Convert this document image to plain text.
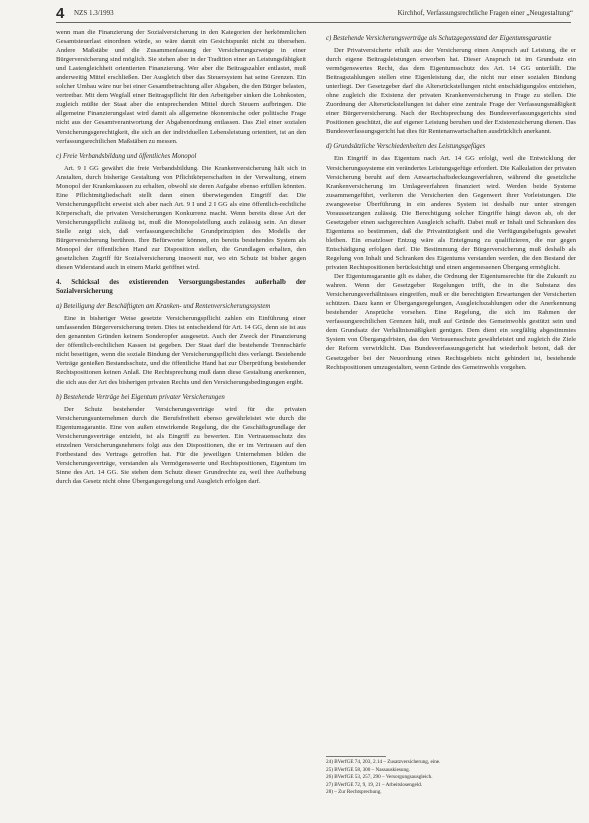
4 NZS 1.3/1993	Kirchhof, Verfassungsrechtliche Fragen einer „Neugestaltung“

wenn man die Finanzierung der Sozialversicherung in den Kategorien der herkömmlichen Gesamtsteuerlast einordnen würde, so wäre damit ein Gesichtspunkt nicht zu übersehen. Andere Maßstäbe und die Zusammenfassung der Versicherungszweige in einer Bürgerversicherung sind möglich. Sie stehen aber in der Tradition einer an Leistungsfähigkeit und Lastengleichheit orientierten Finanzierung. Wer aber die Beitragszahler entlastet, muß anderweitig Mittel erschließen. Der Ausgleich über das Steuersystem hat seine Grenzen. Ein solcher Umbau wäre nur bei einer Gesamtbetrachtung aller Abgaben, die den Bürger belasten, vertretbar. Mit dem Wegfall einer Beitragspflicht für den Arbeitgeber sinken die Lohnkosten, zugleich müßte der Staat aber die entsprechenden Mittel durch Steuern aufbringen. Die allgemeine Finanzierungslast wird damit als allgemeine ökonomische oder politische Frage nicht aus der Gesamtverantwortung der Abgabenordnung entlassen. Das Ziel einer sozialen Versicherungsgerechtigkeit, die sich an der individuellen Lebensleistung orientiert, ist an den verfassungsrechtlichen Maßstäben zu messen.

c) Freie Verbandsbildung und öffentliches Monopol

Art. 9 I GG gewährt die freie Verbandsbildung. Die Krankenversicherung hält sich in Anstalten, durch bisherige Gestaltung von Pflichtkörperschaften in der Verwaltung, einem Monopol der Krankenkassen zu erhalten, obwohl sie deren Aufgabe ebenso erfüllen könnten. Eine Pflichtmitgliedschaft stellt dann einen überwiegenden Eingriff dar. Die Versicherungspflicht erweist sich aber nach Art. 9 I und 2 I GG als eine öffentlich-rechtliche Körperschaft, die privaten Versicherungen Konkurrenz macht. Wenn bereits diese Art der Versicherungspflicht zulässig ist, muß die Monopolstellung auch zulässig sein. An dieser Stelle zeigt sich, daß verfassungsrechtliche Grundprinzipien des Modells der Bürgerversicherung berühren. Ihre Befürworter können, ein bereits bestehendes System als Monopol der öffentlichen Hand zur Disposition stellen, die Grundlagen erhalten, den gesetzlichen Zugriff für Sozialversicherung insoweit nur, wo ein Schutz ist bisher gegen diesen Widerstand auch in einem Markt geöffnet wird.

4. Schicksal des existierenden Versorgungsbestandes außerhalb der Sozialversicherung
a) Beteiligung der Beschäftigten am Kranken- und Rentenversicherungssystem

Eine in bisheriger Weise gesetzte Versicherungspflicht zahlen ein Einführung einer umfassenden Bürgerversicherung treten. Dies ist entscheidend für Art. 14 GG, denn sie ist aus den genannten Gründen keinem Sonderopfer ausgesetzt. Auch der Zweck der Finanzierung der öffentlich-rechtlichen Kassen ist gegeben. Der Staat darf die bestehende Trennschärfe nicht beseitigen, wenn die soziale Bindung der Versicherungspflicht dies verlangt. Bestehende Verträge genießen Bestandsschutz, und die öffentliche Hand hat zur Überprüfung bestehender Rechtspositionen keinen Anlaß. Die Rechtsprechung muß dann diese Gestaltung anerkennen, die sich aus der Art des bisherigen privaten Rechts und den Versicherungsbedingungen ergibt.

b) Bestehende Verträge bei Eigentum privater Versicherungen

Der Schutz bestehender Versicherungsverträge wird für die privaten Versicherungsunternehmen durch die Berufsfreiheit ebenso gewährleistet wie durch die Eigentumsgarantie. Eine von außen einwirkende Regelung, die die Geschäftsgrundlage der Versicherungsverträge entzieht, ist als Eingriff zu bewerten. Ein Vertrauensschutz des einzelnen Versicherungsnehmers folgt aus den Dispositionen, die er im Vertrauen auf den Fortbestand des Vertrags getroffen hat. Für die jeweiligen Unternehmen bilden die Versicherungsverträge, verstanden als Vermögenswerte und Rechtspositionen, Eigentum im Sinne des Art. 14 GG. Sie stehen dem Schutz dieser Grundrechte zu, weil ihre Aufhebung durch das Gesetz nicht ohne Übergangsregelung und Ausgleich erfolgen darf.

c) Bestehende Versicherungsverträge als Schutzgegenstand der Eigentumsgarantie

Der Privatversicherte erhält aus der Versicherung einen Anspruch auf Leistung, die er durch eigene Beitragsleistungen erworben hat. Dieser Anspruch ist im Grundsatz ein vermögenswertes Recht, das dem Eigentumsschutz des Art. 14 GG unterfällt. Die Beitragszahlungen stellen eine Eigenleistung dar, die nicht nur einer sozialen Bindung unterliegt. Der Gesetzgeber darf die Altersrückstellungen nicht entschädigungslos entziehen, ohne zugleich die Existenz der privaten Krankenversicherung in Frage zu stellen. Die Zuordnung der Altersrückstellungen ist daher eine zentrale Frage der Verfassungsmäßigkeit einer Bürgerversicherung. Nach der Rechtsprechung des Bundesverfassungsgerichts sind Positionen geschützt, die auf eigener Leistung beruhen und der Existenzsicherung dienen. Das Bundesverfassungsgericht hat dies für Rentenanwartschaften ausdrücklich anerkannt.

d) Grundsätzliche Verschiedenheiten des Leistungsgefüges

Ein Eingriff in das Eigentum nach Art. 14 GG erfolgt, weil die Entwicklung der Versicherungssysteme ein verändertes Leistungsgefüge erfordert. Die Kalkulation der privaten Versicherung beruht auf dem Anwartschaftsdeckungsverfahren, während die gesetzliche Krankenversicherung im Umlageverfahren finanziert wird. Werden beide Systeme zusammengeführt, verlieren die Versicherten den Gegenwert ihrer Vorleistungen. Die zwangsweise Überführung in ein anderes System ist deshalb nur unter strengen Voraussetzungen zulässig. Die Berechtigung solcher Eingriffe hängt davon ab, ob der Gesetzgeber einen sachgerechten Ausgleich schafft. Dabei muß er Inhalt und Schranken des Eigentums so bestimmen, daß die Privatnützigkeit und die Verfügungsbefugnis gewahrt bleiben. Ein ersatzloser Entzug wäre als Enteignung zu qualifizieren, die nur gegen Entschädigung erfolgen darf. Die Bestimmung der Bürgerversicherung muß deshalb als Regelung von Inhalt und Schranken des Eigentums verstanden werden, die den Bestand der privaten Rechtspositionen berücksichtigt und einen angemessenen Übergang ermöglicht.

Der Eigentumsgarantie gilt es daher, die Ordnung der Eigentumsrechte für die Zukunft zu wahren. Wenn der Gesetzgeber Regelungen trifft, die in die Substanz des Versicherungsverhältnisses eingreifen, muß er die berechtigten Erwartungen der Versicherten schützen. Dazu kann er Übergangsregelungen, Ausgleichszahlungen oder die Anerkennung bestehender Ansprüche vorsehen. Eine Regelung, die sich im Rahmen der verfassungsrechtlichen Grenzen hält, muß auf Gründe des Gemeinwohls gestützt sein und dem Grundsatz der Verhältnismäßigkeit genügen. Dem dient ein sorgfältig abgestimmtes System von Übergangsfristen, das den Vertrauensschutz gewährleistet und zugleich die Ziele der Reform verwirklicht. Das Bundesverfassungsgericht hat wiederholt betont, daß der Gesetzgeber bei der Neuordnung eines Rechtsgebiets nicht gehindert ist, bestehende Rechtspositionen umzugestalten, wenn Gründe des Gemeinwohls vorgehen.

24) BVerfGE 74, 203, 2.14 – Zusatzversicherung, eine.
25) BVerfGE 58, 300 – Nassauskiesung.
26) BVerfGE 53, 257, 290 – Versorgungsausgleich.
27) BVerfGE 72, 9, 19, 21 – Arbeitslosengeld.
28) – Zur Rechtsprechung.
